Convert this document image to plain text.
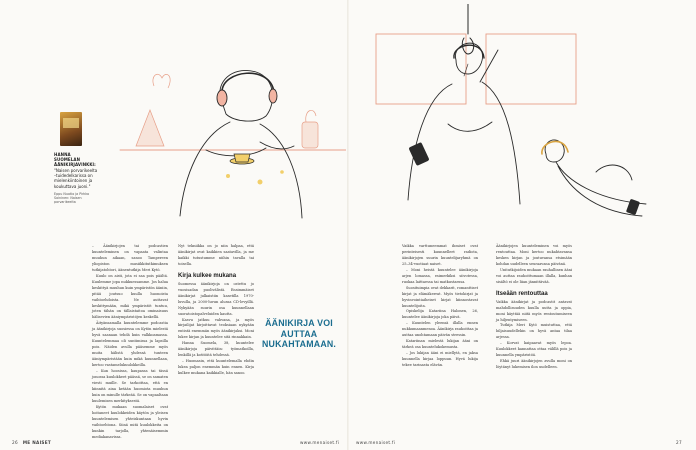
HANNA SUOMELAN ÄÄNIKIRJAVINKKI:
"Naisen porvarikeelta –tuidedelkarissa on mielenkiintoinen ja koukuttava juoni."
Eppu Nuotio ja Pirkko Soininen: Naisen porvarikeelta

– Äänikirjojen tai podcastien kuunteleminen on vapaata valintaa muuhun aikaan, sanoo Tampereen yliopiston musiikkitutkimuksen tutkijatohtori, äänentutkija Meri Kytö.

Kuulo on aisti, jota ei saa pois päältä. Kuulemme jopa nukkuessamme. Jos halua keskittyä muuhun kuin ympäristön ääniin, pitää joutsuo kuulla huonoista vaihtoehdoista. Ne auttavat keskittymään, mikä ympäristöt tuntuu, joten tähän on tällaistaitoa ominaisuus hälisevien ääniympäristöjen keskellä.

Äityänsamalla kuuntelemme podcastia ja äänikirjoja suosiessa on Kytön mielestä hyvä saanaan tehdä kuin valkkoamassa. Kuuntelemmaa oli suntimissa ja lapsilla pois. Näiden avulla pääsemme myös muita hälistä yhdessä tunteen ääniympäristään kuin mikä kuunnellaan, kertoo vastamelukuulokkeilla.

– Kun hoosissa, kaupassa tai tässä jonossa kuulokkeet päässä, se on samaten viesti muille. Se tarkoittaa, että en kiinnitä aina ketään huomiota muuhun kuin on minulle tärkeää. Se on vapaaltaan kuulemisen merkityksestä.

Kytön mukaan suomalaiset ovat hoitaneet kuulokkeiden käytön ja yleisen kuuntelemisen yhteiskuntaan hyvin vaihtoehtona. Siinä mitä kuulokkeita on kunkin tarjolla, yhtenäisemmin mediakanavissa.

Nyt tekniikka on jo niin halpaa, että äänikirjat ovat kaikkien saatavilla, ja me kaikki tutustumme niihin tavalla tai toisella.

Kirja kulkee mukana

Suomessa äänikirjoja on ostettu jo vuosisadan puolivälistä. Ensimmäiset äänikirjat julkaistiin kasetilla 1970-luvulla, ja 2000-luvun alussa CD-levyillä. Nykyään suurin osa kuunnellaan suoratoistopalveluiden kautta.

Kasvu jatkuu vahvana, ja myös kirjailijat kirjoittavat teoksiaan nykyään entistä enemmän myös äänikirjaksi. Moni lukee kirjan ja kuuntelee sitä rinnakkain.

Hanna Suomela, 38, kuuntelee äänikirjoja päivittäin: työmatkoilla, lenkillä ja kotitöitä tehdessä.

– Huomasin, että kuuntelemalla ehdin lukea paljon enemmän kuin ennen. Kirja kulkee mukana kaikkialle, hän sanoo.

ÄÄNIKIRJA VOI AUTTAA NUKAHTAMAAN.

Vaikka varttuneemmat ihmiset ovat perinteisesti kuunnelleet radiota, äänikirjojen suurin kuuntelijaryhmä on 25–34-vuotiaat naiset.

– Moni heistä kuuntelee äänikirjoja arjen lomassa, esimerkiksi siivotessa, ruokaa laittaessa tai matkustaessa.

Suosituimpia ovat dekkarit, romanttiset kirjat ja elämäkerrat. Myös tietokirjat ja hyvinvointiaiheiset kirjat kiinnostavat kuuntelijoita.

Opiskelija Katariina Halonen, 26, kuuntelee äänikirjoja joka päivä.

– Kuuntelen yleensä illalla ennen nukkumaanmenoa. Äänikirja rauhoittaa ja auttaa unohtamaan päivän stressin.

Katariinan mielestä lukijan ääni on tärkeä osa kuuntelukokemusta.

– Jos lukijan ääni ei miellytä, en jaksa kuunnella kirjaa loppuun. Hyvä lukija tekee tarinasta elävän.

Äänikirjojen kuunteleminen voi myös rentouttaa. Moni kertoo nukahtavansa kesken kirjan ja joutuvansa etsimään kohdan uudelleen seuraavana päivänä.

Unitutkijoiden mukaan rauhallinen ääni voi auttaa rauhoittumaan illalla, kunhan sisältö ei ole liian jännittävää.

Itseään rentouttaa

Vaikka äänikirjat ja podcastit antavat mahdollisuuden kuulla uutta ja oppia, moni käyttää niitä myös rentoutumiseen ja hiljentymiseen.

Tutkija Meri Kytö muistuttaa, että hiljaisuudellekin on hyvä antaa tilaa arjessa.

– Korvat kaipaavat myös lepoa. Kuulokkeet kannattaa ottaa välillä pois ja kuunnella ympäristöä.

Ehkä juuri äänikirjojen avulla moni on löytänyt lukemisen ilon uudelleen.

26 ME NAISET	www.menaiset.fi	www.menaiset.fi	27
